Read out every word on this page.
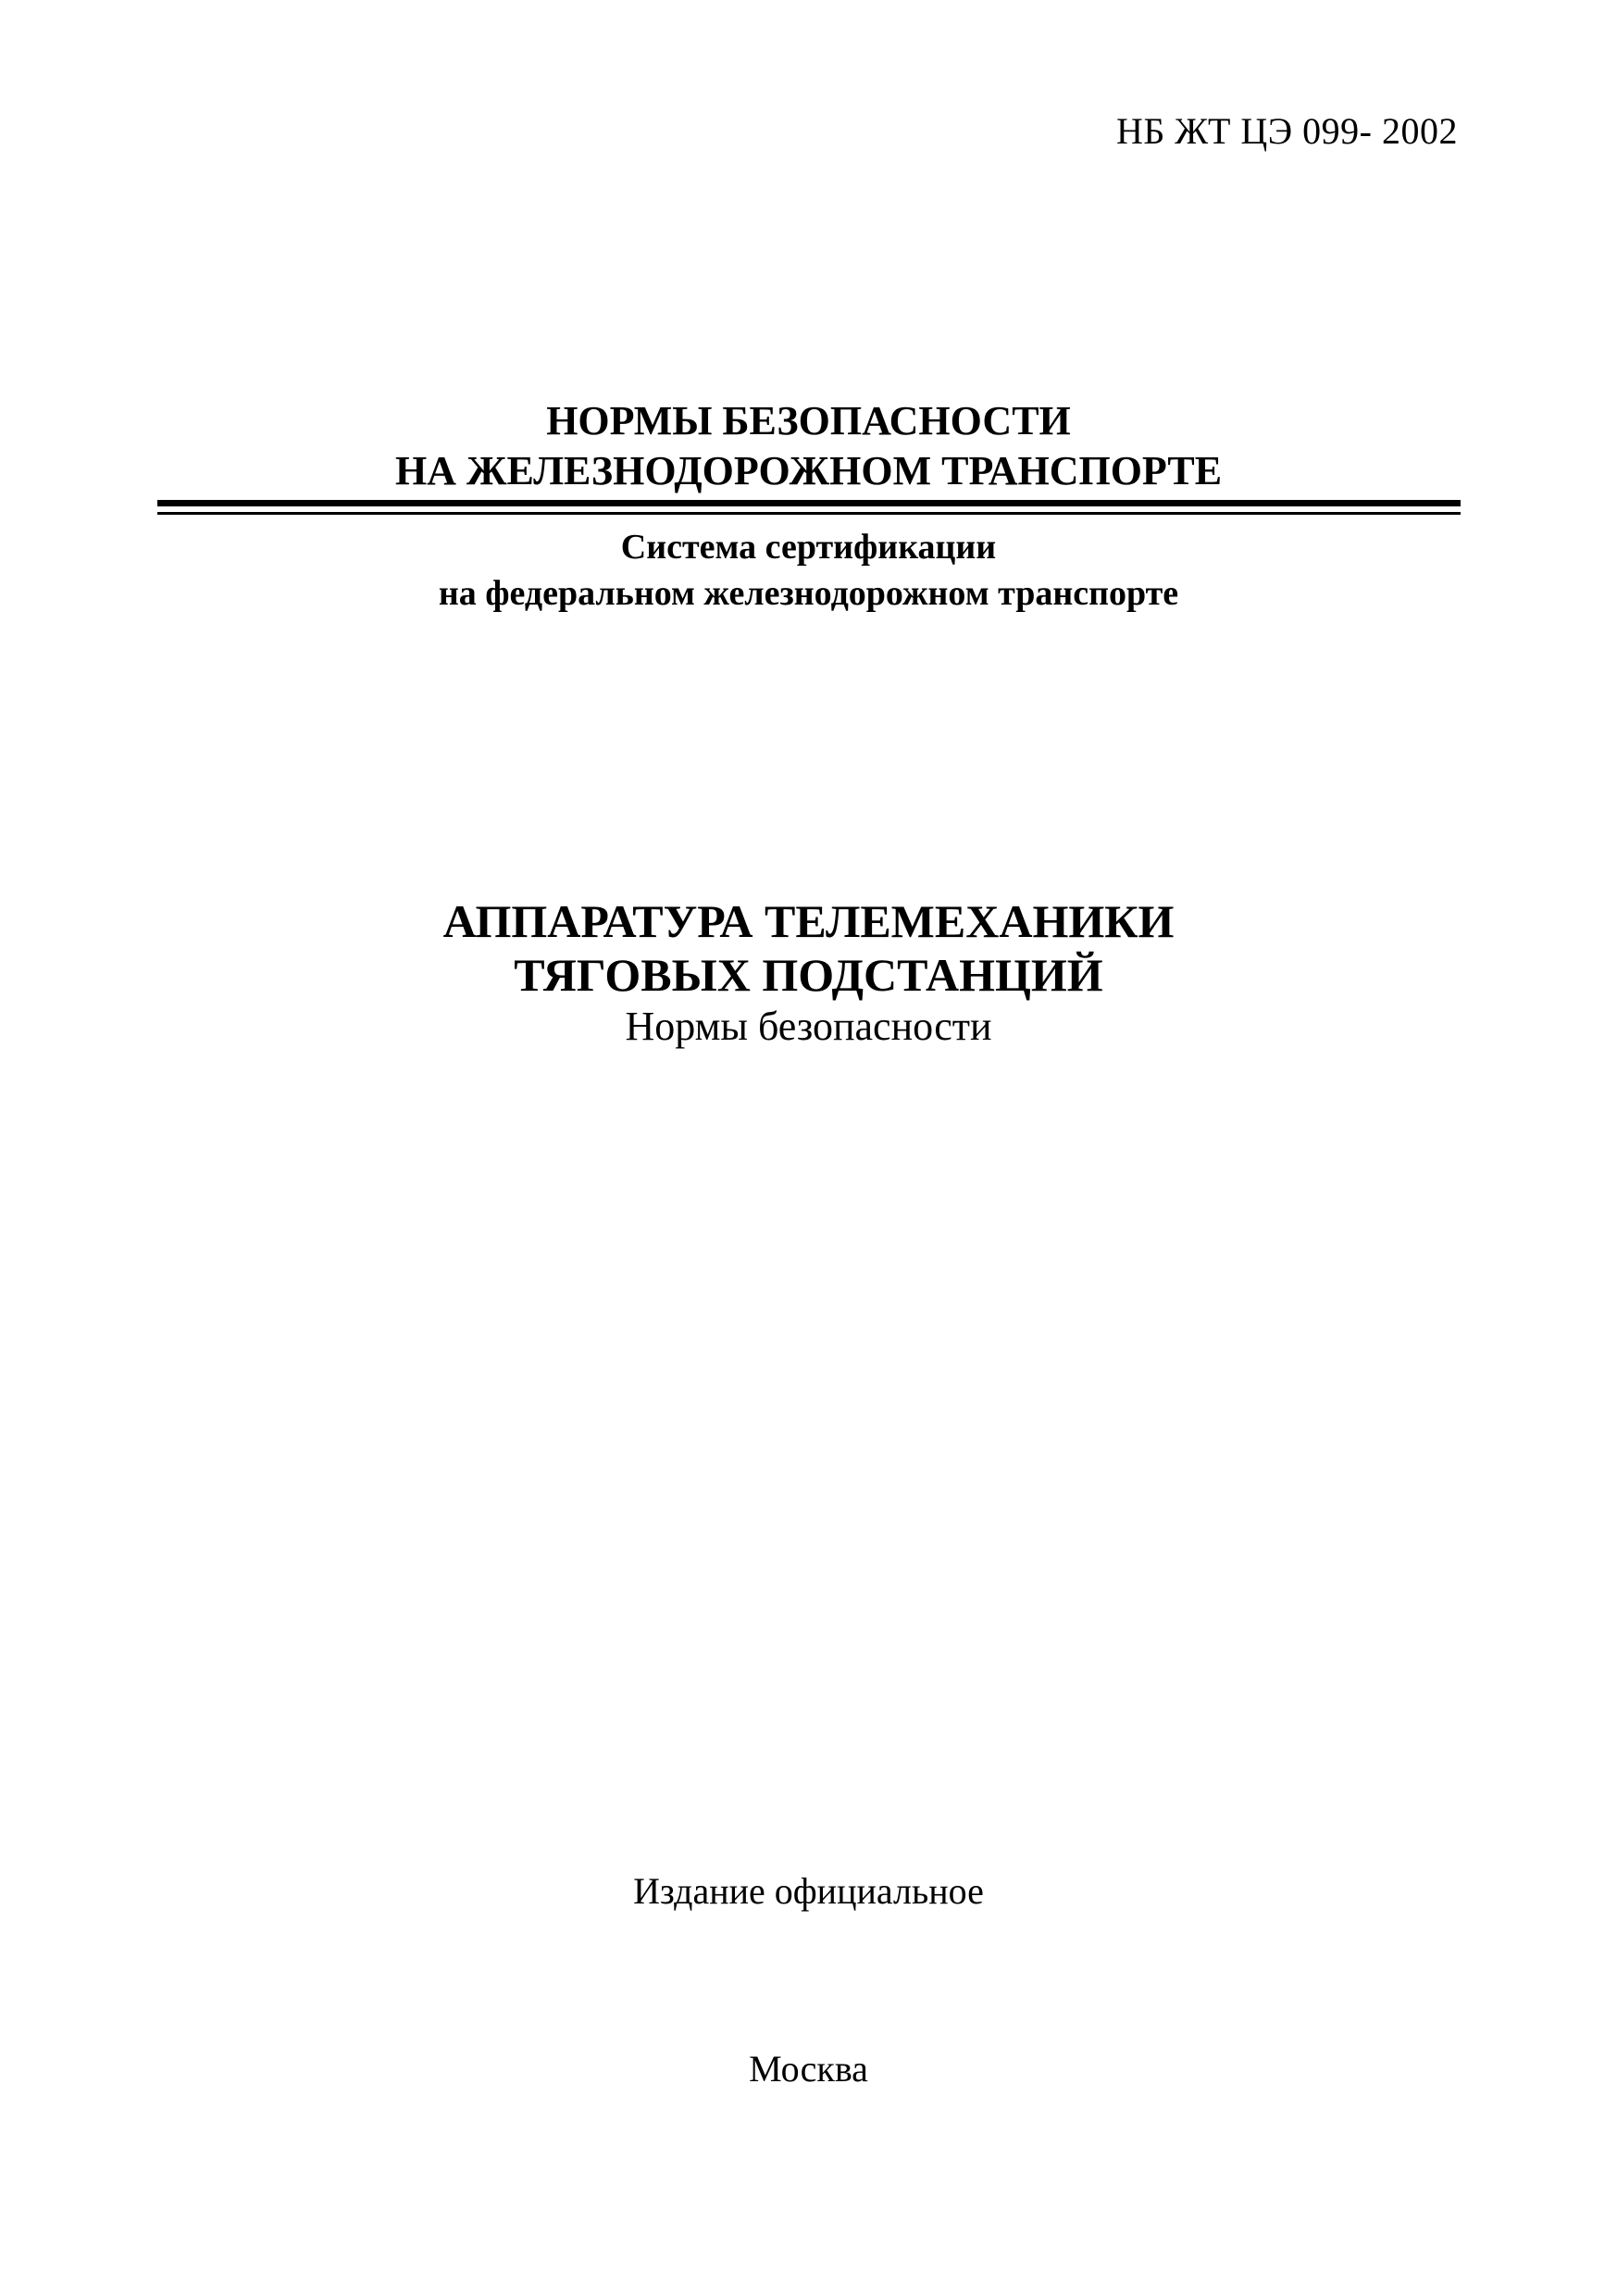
НБ ЖТ ЦЭ 099- 2002
НОРМЫ БЕЗОПАСНОСТИ
НА ЖЕЛЕЗНОДОРОЖНОМ ТРАНСПОРТЕ
Система сертификации
на федеральном железнодорожном транспорте
АППАРАТУРА ТЕЛЕМЕХАНИКИ
ТЯГОВЫХ ПОДСТАНЦИЙ
Нормы безопасности
Издание официальное
Москва
